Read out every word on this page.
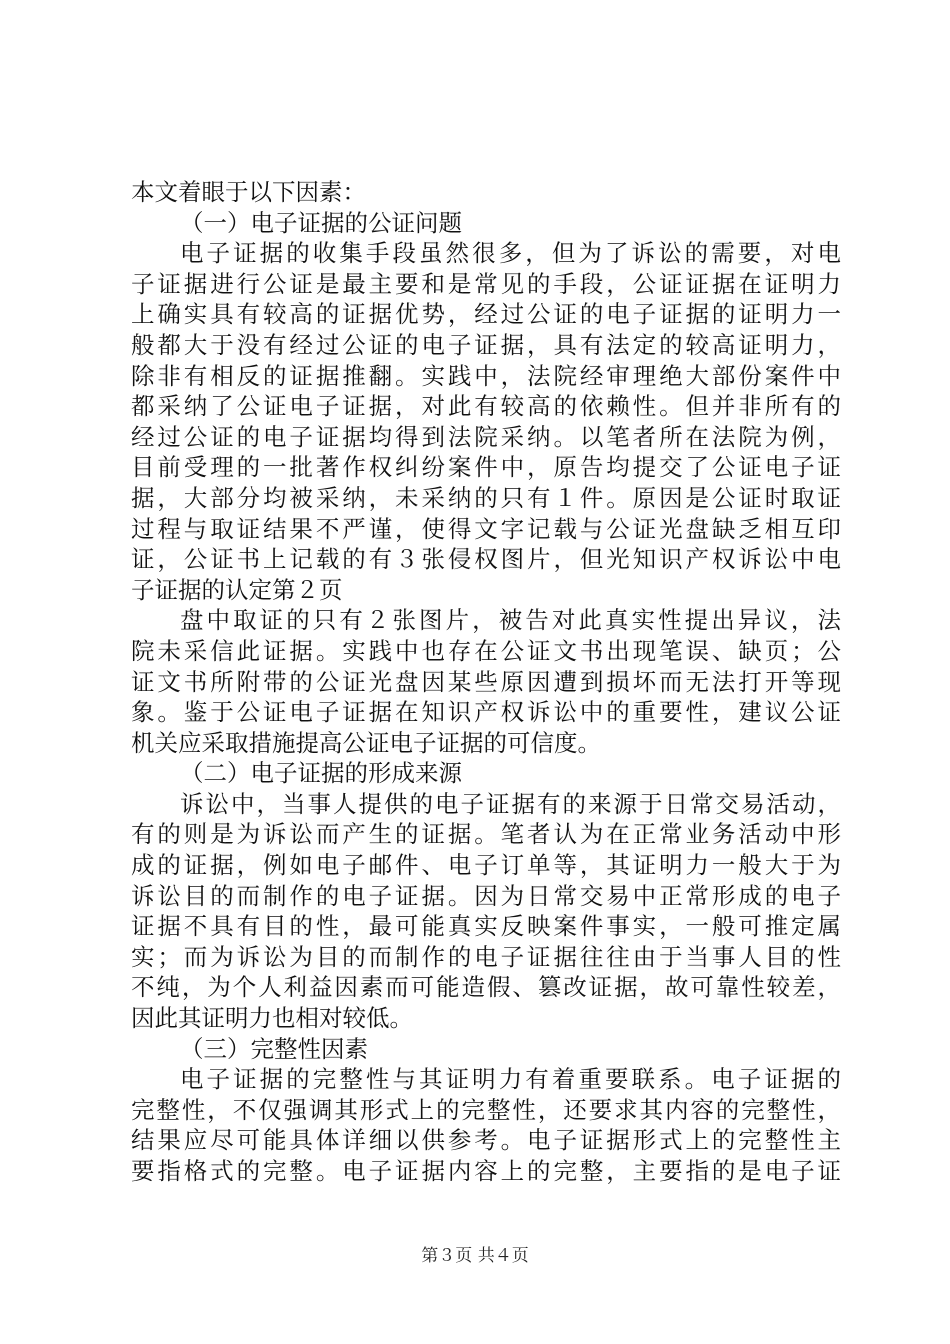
本文着眼于以下因素：
（一）电子证据的公证问题
电子证据的收集手段虽然很多，但为了诉讼的需要，对电
子证据进行公证是最主要和是常见的手段，公证证据在证明力
上确实具有较高的证据优势，经过公证的电子证据的证明力一
般都大于没有经过公证的电子证据，具有法定的较高证明力，
除非有相反的证据推翻。实践中，法院经审理绝大部份案件中
都采纳了公证电子证据，对此有较高的依赖性。但并非所有的
经过公证的电子证据均得到法院采纳。以笔者所在法院为例，
目前受理的一批著作权纠纷案件中，原告均提交了公证电子证
据，大部分均被采纳，未采纳的只有１件。原因是公证时取证
过程与取证结果不严谨，使得文字记载与公证光盘缺乏相互印
证，公证书上记载的有３张侵权图片，但光知识产权诉讼中电
子证据的认定第２页
盘中取证的只有２张图片，被告对此真实性提出异议，法
院未采信此证据。实践中也存在公证文书出现笔误、缺页；公
证文书所附带的公证光盘因某些原因遭到损坏而无法打开等现
象。鉴于公证电子证据在知识产权诉讼中的重要性，建议公证
机关应采取措施提高公证电子证据的可信度。
（二）电子证据的形成来源
诉讼中，当事人提供的电子证据有的来源于日常交易活动，
有的则是为诉讼而产生的证据。笔者认为在正常业务活动中形
成的证据，例如电子邮件、电子订单等，其证明力一般大于为
诉讼目的而制作的电子证据。因为日常交易中正常形成的电子
证据不具有目的性，最可能真实反映案件事实，一般可推定属
实；而为诉讼为目的而制作的电子证据往往由于当事人目的性
不纯，为个人利益因素而可能造假、篡改证据，故可靠性较差，
因此其证明力也相对较低。
（三）完整性因素
电子证据的完整性与其证明力有着重要联系。电子证据的
完整性，不仅强调其形式上的完整性，还要求其内容的完整性，
结果应尽可能具体详细以供参考。电子证据形式上的完整性主
要指格式的完整。电子证据内容上的完整，主要指的是电子证
第３页 共４页
